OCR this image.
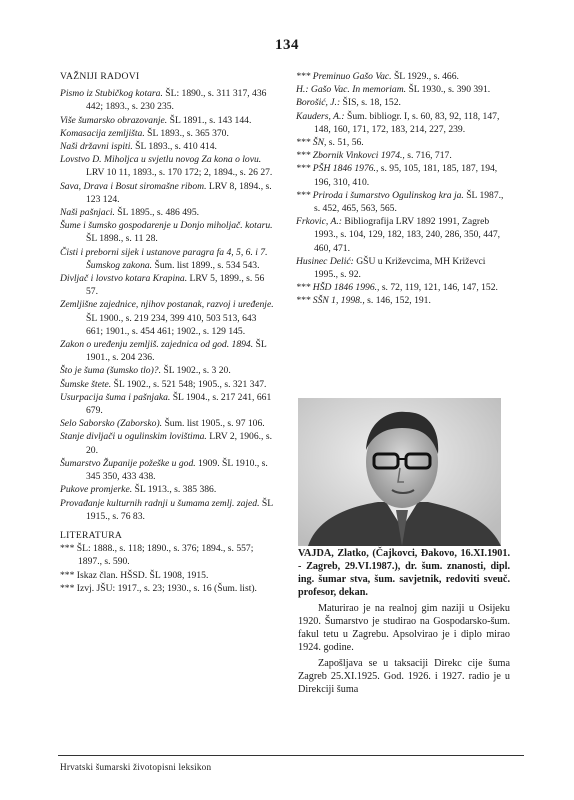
134

VAŽNIJI RADOVI

Pismo iz Stubičkog kotara. ŠL: 1890., s. 311 317, 436 442; 1893., s. 230 235.

Više šumarsko obrazovanje. ŠL 1891., s. 143 144.

Komasacija zemljišta. ŠL 1893., s. 365 370.

Naši državni ispiti. ŠL 1893., s. 410 414.

Lovstvo D. Miholjca u svjetlu novog Za kona o lovu. LRV 10 11, 1893., s. 170 172; 2, 1894., s. 26 27.

Sava, Drava i Bosut siromašne ribom. LRV 8, 1894., s. 123 124.

Naši pašnjaci. ŠL 1895., s. 486 495.

Šume i šumsko gospodarenje u Donjo miholjač. kotaru. ŠL 1898., s. 11 28.

Čisti i preborni sijek i ustanove paragra fa 4, 5, 6. i 7. Šumskog zakona. Šum. list 1899., s. 534 543.

Divljač i lovstvo kotara Krapina. LRV 5, 1899., s. 56 57.

Zemljišne zajednice, njihov postanak, razvoj i uređenje. ŠL 1900., s. 219 234, 399 410, 503 513, 643 661; 1901., s. 454 461; 1902., s. 129 145.

Zakon o uređenju zemljiš. zajednica od god. 1894. ŠL 1901., s. 204 236.

Što je šuma (šumsko tlo)?. ŠL 1902., s. 3 20.

Šumske štete. ŠL 1902., s. 521 548; 1905., s. 321 347.

Usurpacija šuma i pašnjaka. ŠL 1904., s. 217 241, 661 679.

Selo Saborsko (Zaborsko). Šum. list 1905., s. 97 106.

Stanje divljači u ogulinskim lovištima. LRV 2, 1906., s. 20.

Šumarstvo Županije požeške u god. 1909. ŠL 1910., s. 345 350, 433 438.

Pukove promjerke. ŠL 1913., s. 385 386.

Provađanje kulturnih radnji u šumama zemlj. zajed. ŠL 1915., s. 76 83.

LITERATURA

*** ŠL: 1888., s. 118; 1890., s. 376; 1894., s. 557; 1897., s. 590.

*** Iskaz član. HŠSD. ŠL 1908, 1915.

*** Izvj. JŠU: 1917., s. 23; 1930., s. 16 (Šum. list).

*** Preminuo Gašo Vac. ŠL 1929., s. 466.

H.: Gašo Vac. In memoriam. ŠL 1930., s. 390 391.

Borošić, J.: ŠIS, s. 18, 152.

Kauders, A.: Šum. bibliogr. I, s. 60, 83, 92, 118, 147, 148, 160, 171, 172, 183, 214, 227, 239.

*** ŠN, s. 51, 56.

*** Zbornik Vinkovci 1974., s. 716, 717.

*** PŠH 1846 1976., s. 95, 105, 181, 185, 187, 194, 196, 310, 410.

*** Priroda i šumarstvo Ogulinskog kra ja. ŠL 1987., s. 452, 465, 563, 565.

Frkovic, A.: Bibliografija LRV 1892 1991, Zagreb 1993., s. 104, 129, 182, 183, 240, 286, 350, 447, 460, 471.

Husinec Delić: GŠU u Križevcima, MH Križevci 1995., s. 92.

*** HŠD 1846 1996., s. 72, 119, 121, 146, 147, 152.

*** SŠN 1, 1998., s. 146, 152, 191.

VAJDA, Zlatko, (Čajkovci, Đakovo, 16.XI.1901. - Zagreb, 29.VI.1987.), dr. šum. znanosti, dipl. ing. šumar stva, šum. savjetnik, redoviti sveuč. profesor, dekan.

Maturirao je na realnoj gim naziji u Osijeku 1920. Šumarstvo je studirao na Gospodarsko-šum. fakul tetu u Zagrebu. Apsolvirao je i diplo mirao 1924. godine.

Zapošljava se u taksaciji Direkc cije šuma Zagreb 25.XI.1925. God. 1926. i 1927. radio je u Direkciji šuma

Hrvatski šumarski životopisni leksikon
